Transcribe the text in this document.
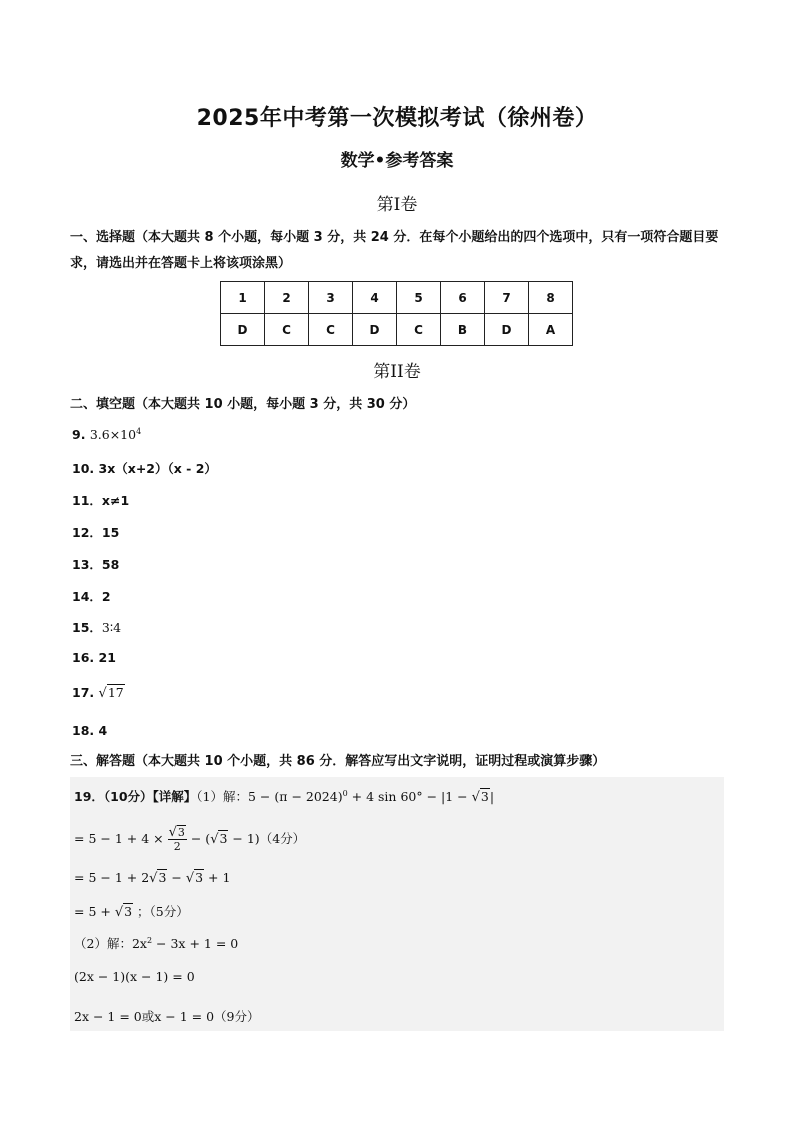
2025年中考第一次模拟考试（徐州卷）
数学•参考答案
第Ⅰ卷
一、选择题（本大题共 8 个小题，每小题 3 分，共 24 分．在每个小题给出的四个选项中，只有一项符合题目要求，请选出并在答题卡上将该项涂黑）
1	2	3	4	5	6	7	8
D	C	C	D	C	B	D	A
第II卷
二、填空题（本大题共 10 小题，每小题 3 分，共 30 分）
9. $3.6\times 10^4$
10. 3x（x+2）（x - 2）
11．x≠1
12．15
13．58
14．2
15．3∶4
16. 21
17. √17
18. 4
三、解答题（本大题共 10 个小题，共 86 分．解答应写出文字说明，证明过程或演算步骤）
19．（10分）【详解】（1）解：$5 - (\pi - 2024)^0 + 4$ sin 60° − |1 − √3|
= $5 - 1 + 4 \times \frac{√3}{2} - (√3 - 1)(4$分）
= 5 − 1 + 2√3 − √3 + 1
= 5 + √3 ；（5分）
（2）解：$2x^2 - 3x + 1 = 0$
(2x − 1)(x − 1) = 0
2x − 1 = 0或x − 1 = 0（9分）
